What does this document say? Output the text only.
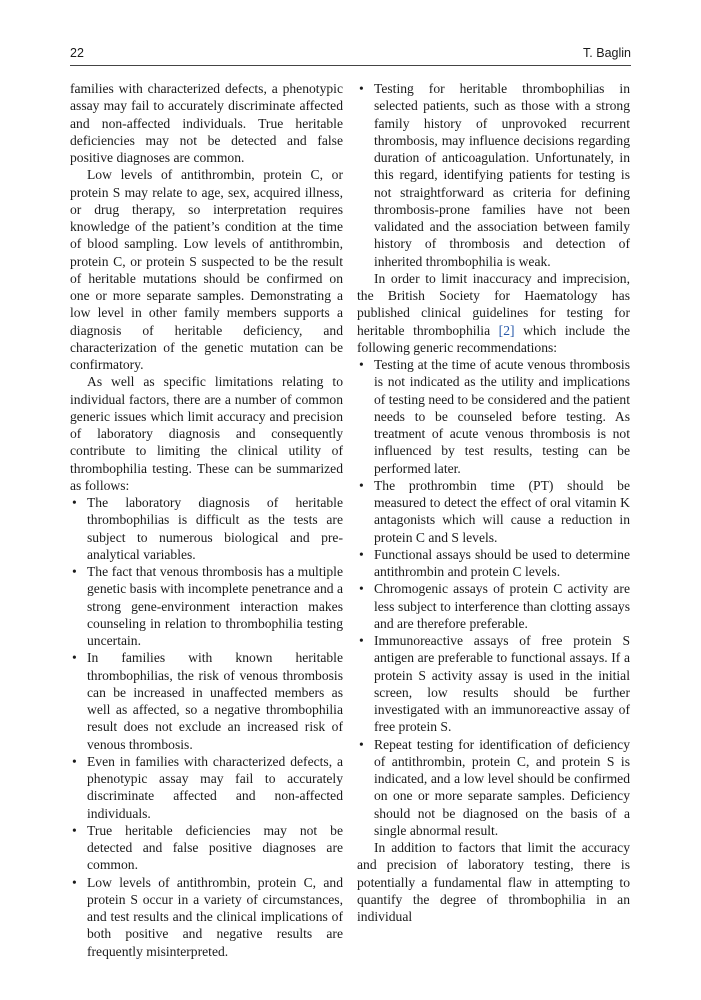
22	T. Baglin

families with characterized defects, a phenotypic assay may fail to accurately discriminate affected and non-affected individuals. True heritable deficiencies may not be detected and false positive diagnoses are common.

Low levels of antithrombin, protein C, or protein S may relate to age, sex, acquired illness, or drug therapy, so interpretation requires knowledge of the patient’s condition at the time of blood sampling. Low levels of antithrombin, protein C, or protein S suspected to be the result of heritable mutations should be confirmed on one or more separate samples. Demonstrating a low level in other family members supports a diagnosis of heritable deficiency, and characterization of the genetic mutation can be confirmatory.

As well as specific limitations relating to individual factors, there are a number of common generic issues which limit accuracy and precision of laboratory diagnosis and consequently contribute to limiting the clinical utility of thrombophilia testing. These can be summarized as follows:

• The laboratory diagnosis of heritable thrombophilias is difficult as the tests are subject to numerous biological and pre-analytical variables.
• The fact that venous thrombosis has a multiple genetic basis with incomplete penetrance and a strong gene-environment interaction makes counseling in relation to thrombophilia testing uncertain.
• In families with known heritable thrombophilias, the risk of venous thrombosis can be increased in unaffected members as well as affected, so a negative thrombophilia result does not exclude an increased risk of venous thrombosis.
• Even in families with characterized defects, a phenotypic assay may fail to accurately discriminate affected and non-affected individuals.
• True heritable deficiencies may not be detected and false positive diagnoses are common.
• Low levels of antithrombin, protein C, and protein S occur in a variety of circumstances, and test results and the clinical implications of both positive and negative results are frequently misinterpreted.
• Testing for heritable thrombophilias in selected patients, such as those with a strong family history of unprovoked recurrent thrombosis, may influence decisions regarding duration of anticoagulation. Unfortunately, in this regard, identifying patients for testing is not straightforward as criteria for defining thrombosis-prone families have not been validated and the association between family history of thrombosis and detection of inherited thrombophilia is weak.

In order to limit inaccuracy and imprecision, the British Society for Haematology has published clinical guidelines for testing for heritable thrombophilia [2] which include the following generic recommendations:

• Testing at the time of acute venous thrombosis is not indicated as the utility and implications of testing need to be considered and the patient needs to be counseled before testing. As treatment of acute venous thrombosis is not influenced by test results, testing can be performed later.
• The prothrombin time (PT) should be measured to detect the effect of oral vitamin K antagonists which will cause a reduction in protein C and S levels.
• Functional assays should be used to determine antithrombin and protein C levels.
• Chromogenic assays of protein C activity are less subject to interference than clotting assays and are therefore preferable.
• Immunoreactive assays of free protein S antigen are preferable to functional assays. If a protein S activity assay is used in the initial screen, low results should be further investigated with an immunoreactive assay of free protein S.
• Repeat testing for identification of deficiency of antithrombin, protein C, and protein S is indicated, and a low level should be confirmed on one or more separate samples. Deficiency should not be diagnosed on the basis of a single abnormal result.

In addition to factors that limit the accuracy and precision of laboratory testing, there is potentially a fundamental flaw in attempting to quantify the degree of thrombophilia in an individual
